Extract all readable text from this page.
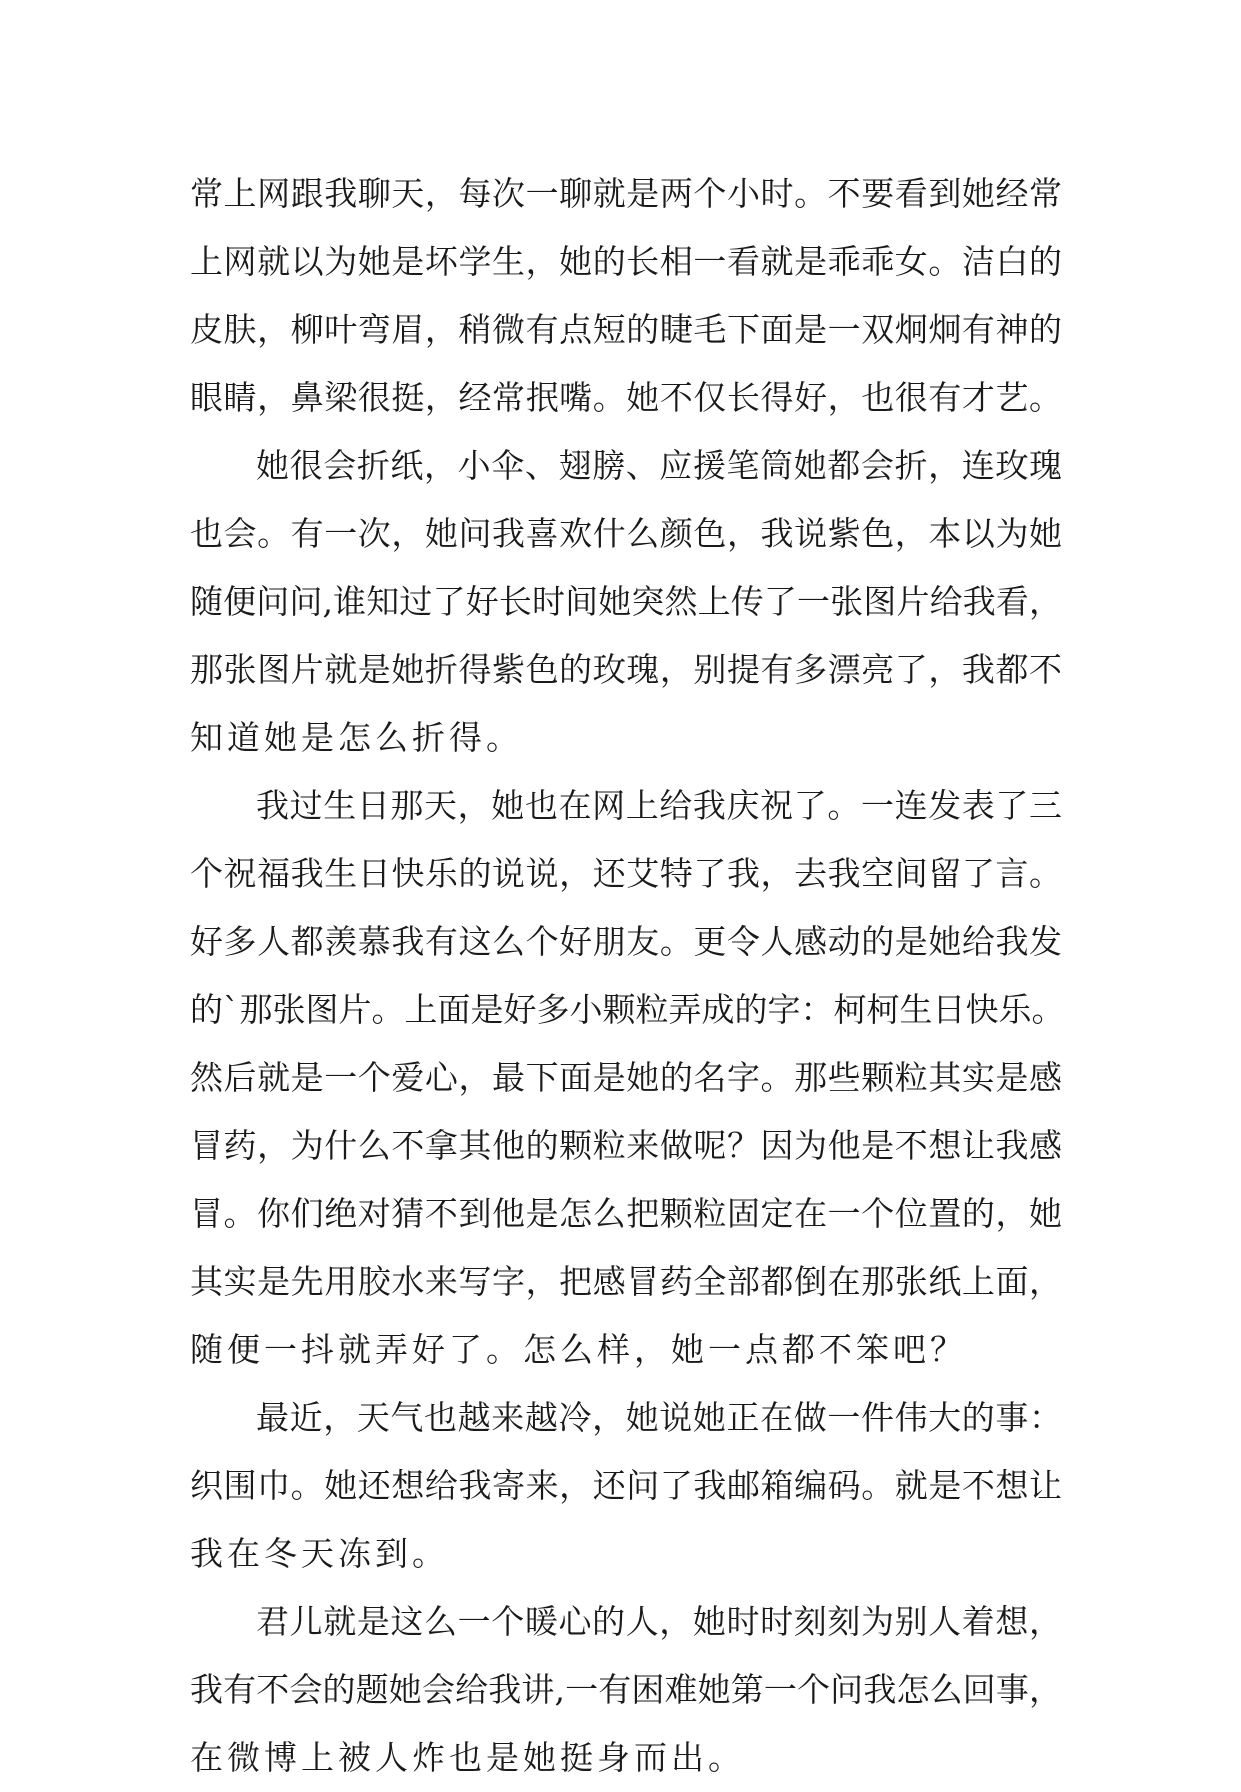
常上网跟我聊天，每次一聊就是两个小时。不要看到她经常
上网就以为她是坏学生，她的长相一看就是乖乖女。洁白的
皮肤，柳叶弯眉，稍微有点短的睫毛下面是一双炯炯有神的
眼睛，鼻梁很挺，经常抿嘴。她不仅长得好，也很有才艺。
她很会折纸，小伞、翅膀、应援笔筒她都会折，连玫瑰
也会。有一次，她问我喜欢什么颜色，我说紫色，本以为她
随便问问,谁知过了好长时间她突然上传了一张图片给我看，
那张图片就是她折得紫色的玫瑰，别提有多漂亮了，我都不
知道她是怎么折得。
我过生日那天，她也在网上给我庆祝了。一连发表了三
个祝福我生日快乐的说说，还艾特了我，去我空间留了言。
好多人都羡慕我有这么个好朋友。更令人感动的是她给我发
的`那张图片。上面是好多小颗粒弄成的字：柯柯生日快乐。
然后就是一个爱心，最下面是她的名字。那些颗粒其实是感
冒药，为什么不拿其他的颗粒来做呢？因为他是不想让我感
冒。你们绝对猜不到他是怎么把颗粒固定在一个位置的，她
其实是先用胶水来写字，把感冒药全部都倒在那张纸上面，
随便一抖就弄好了。怎么样，她一点都不笨吧？
最近，天气也越来越冷，她说她正在做一件伟大的事：
织围巾。她还想给我寄来，还问了我邮箱编码。就是不想让
我在冬天冻到。
君儿就是这么一个暖心的人，她时时刻刻为别人着想，
我有不会的题她会给我讲,一有困难她第一个问我怎么回事，
在微博上被人炸也是她挺身而出。
